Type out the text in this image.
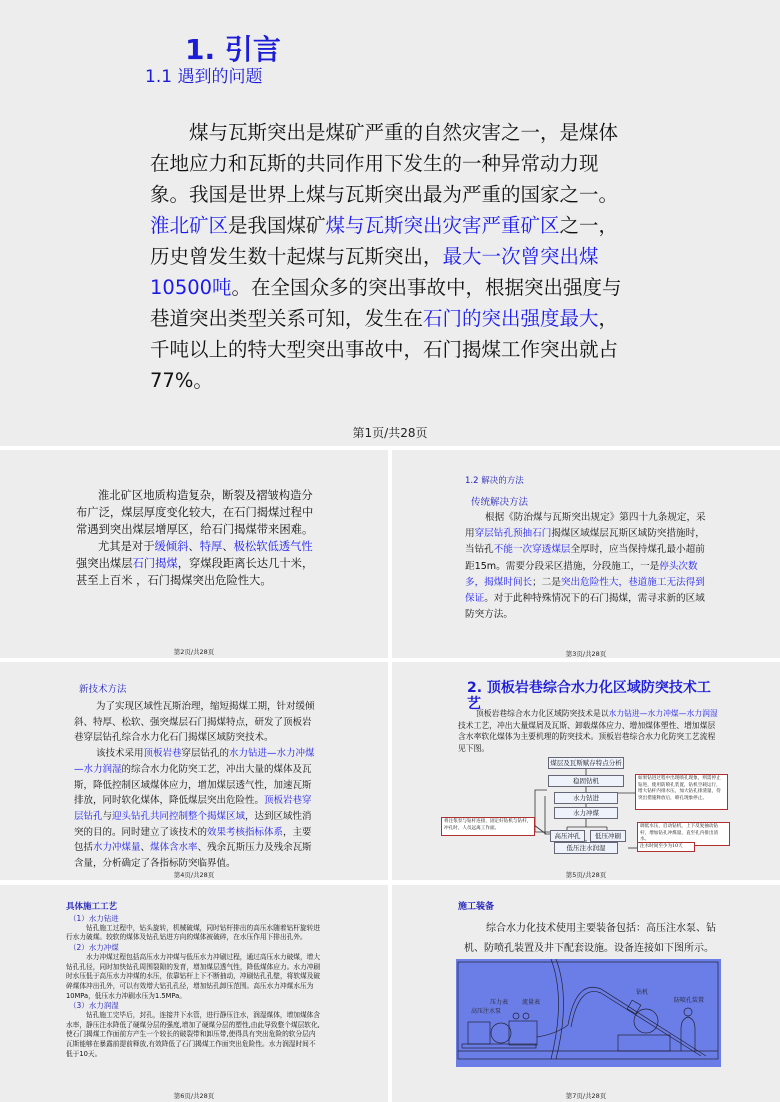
1. 引言
1.1 遇到的问题
煤与瓦斯突出是煤矿严重的自然灾害之一，是煤体在地应力和瓦斯的共同作用下发生的一种异常动力现象。我国是世界上煤与瓦斯突出最为严重的国家之一。淮北矿区是我国煤矿煤与瓦斯突出灾害严重矿区之一，历史曾发生数十起煤与瓦斯突出，最大一次曾突出煤10500吨。在全国众多的突出事故中，根据突出强度与巷道突出类型关系可知，发生在石门的突出强度最大，千吨以上的特大型突出事故中，石门揭煤工作突出就占77%。
第1页/共28页
淮北矿区地质构造复杂，断裂及褶皱构造分布广泛，煤层厚度变化较大，在石门揭煤过程中常遇到突出煤层增厚区，给石门揭煤带来困难。
尤其是对于缓倾斜、特厚、极松软低透气性强突出煤层石门揭煤，穿煤段距离长达几十米，甚至上百米 ，石门揭煤突出危险性大。
第2页/共28页
1.2 解决的方法
传统解决方法
根据《防治煤与瓦斯突出规定》第四十九条规定，采用穿层钻孔预抽石门揭煤区域煤层瓦斯区域防突措施时，当钻孔不能一次穿透煤层全厚时，应当保持煤孔最小超前距15m。需要分段采区措施，分段施工，一是停头次数多，揭煤时间长；二是突出危险性大，巷道施工无法得到保证。对于此种特殊情况下的石门揭煤，需寻求新的区域防突方法。
第3页/共28页
新技术方法
为了实现区域性瓦斯治理，缩短揭煤工期，针对缓倾斜、特厚、松软、强突煤层石门揭煤特点，研发了顶板岩巷穿层钻孔综合水力化石门揭煤区域防突技术。
该技术采用顶板岩巷穿层钻孔的水力钻进—水力冲煤—水力润湿的综合水力化防突工艺，冲出大量的煤体及瓦斯，降低控制区域煤体应力，增加煤层透气性，加速瓦斯排放，同时软化煤体，降低煤层突出危险性。顶板岩巷穿层钻孔与迎头钻孔共同控制整个揭煤区域，达到区域性消突的目的。同时建立了该技术的效果考核指标体系，主要包括水力冲煤量、煤体含水率、残余瓦斯压力及残余瓦斯含量，分析确定了各指标防突临界值。
第4页/共28页
2. 顶板岩巷综合水力化区域防突技术工艺
顶板岩巷综合水力化区域防突技术是以水力钻进—水力冲煤—水力润湿技术工艺，冲出大量煤屑及瓦斯、卸载煤体应力、增加煤体塑性、增加煤层含水率软化煤体为主要机理的防突技术。顶板岩巷综合水力化防突工艺流程见下图。
煤层及瓦斯赋存特点分析
稳固钻机
水力钻进
水力冲煤
高压冲孔	低压冲刷
低压注水润湿
如果钻进过程中出现喷孔现象，则需停止钻进，使用防喷孔装置，钻机空载运行，增大钻杆内排水压，加大钻孔排渣量，待突出措施释放后，喷孔现象停止。
调低水压，启动钻机，上下反复抽动钻杆，增加钻孔冲煤量，直至孔内排出清水。
注水时间至少为10天
将注浆泵与钻杆连接，固定好钻机与钻杆，冲孔时，人员远离工作面。
第5页/共28页
具体施工工艺
（1）水力钻进
钻孔施工过程中，钻头旋转，机械破煤，同时钻杆排出的高压水随着钻杆旋转进行水力破煤。较软的煤体及钻孔钻进方向的煤体被破碎，在水压作用下排出孔外。
（2）水力冲煤
水力冲煤过程包括高压水力冲煤与低压水力冲刷过程，通过高压水力破煤，增大钻孔孔径，同时加快钻孔周围裂隙的发育，增加煤层透气性，降低煤体应力。水力冲刷时水压低于高压水力冲煤的水压，依靠钻杆上下不断抽动，冲刷钻孔孔壁，将软煤及破碎煤体冲出孔外，可以有效增大钻孔孔径，增加钻孔卸压范围。高压水力冲煤水压为10MPa，低压水力冲刷水压为1.5MPa。
（3）水力润湿
钻孔施工完毕后，封孔，连接井下水管，进行静压注水，润湿煤体，增加煤体含水率，静压注水降低了硬煤分层的强度,增加了硬煤分层的塑性,由此导致整个煤层软化,使石门揭煤工作面前方产生一个较长的破裂带和卸压带,使得具有突出危险的软分层内瓦斯能够在暴露前提前释放,有效降低了石门揭煤工作面突出危险性。水力润湿时间不低于10天。
第6页/共28页
施工装备
综合水力化技术使用主要装备包括：高压注水泵、钻机、防喷孔装置及井下配套设施。设备连接如下图所示。
压力表 流量表
高压注水泵
钻机
防喷孔装置
第7页/共28页
